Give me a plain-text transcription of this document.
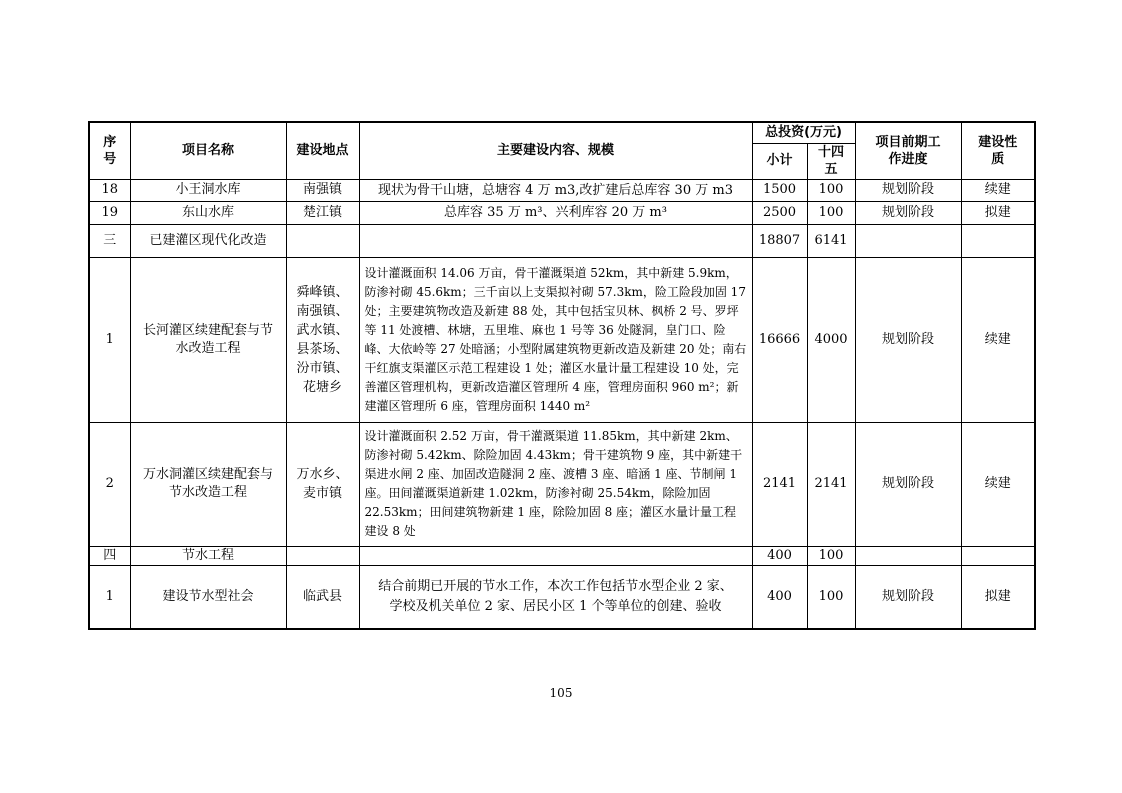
序号	项目名称	建设地点	主要建设内容、规模	总投资(万元)		项目前期工作进度	建设性质
				小计	十四五		
18	小王洞水库	南强镇	现状为骨干山塘，总塘容 4 万 m3,改扩建后总库容 30 万 m3	1500	100	规划阶段	续建
19	东山水库	楚江镇	总库容 35 万 m³、兴利库容 20 万 m³	2500	100	规划阶段	拟建
三	已建灌区现代化改造			18807	6141		
1	长河灌区续建配套与节水改造工程	舜峰镇、南强镇、武水镇、县茶场、汾市镇、花塘乡	设计灌溉面积 14.06 万亩，骨干灌溉渠道 52km，其中新建 5.9km，防渗衬砌 45.6km；三千亩以上支渠拟衬砌 57.3km，险工险段加固 17 处；主要建筑物改造及新建 88 处，其中包括宝贝林、枫桥 2 号、罗坪等 11 处渡槽、林塘，五里堆、麻也 1 号等 36 处隧洞，皇门口、险峰、大依岭等 27 处暗涵；小型附属建筑物更新改造及新建 20 处；南右干红旗支渠灌区示范工程建设 1 处；灌区水量计量工程建设 10 处，完善灌区管理机构，更新改造灌区管理所 4 座，管理房面积 960 m²；新建灌区管理所 6 座，管理房面积 1440 m²	16666	4000	规划阶段	续建
2	万水洞灌区续建配套与节水改造工程	万水乡、麦市镇	设计灌溉面积 2.52 万亩，骨干灌溉渠道 11.85km，其中新建 2km、防渗衬砌 5.42km、除险加固 4.43km；骨干建筑物 9 座，其中新建干渠进水闸 2 座、加固改造隧洞 2 座、渡槽 3 座、暗涵 1 座、节制闸 1 座。田间灌溉渠道新建 1.02km，防渗衬砌 25.54km，除险加固 22.53km；田间建筑物新建 1 座，除险加固 8 座；灌区水量计量工程建设 8 处	2141	2141	规划阶段	续建
四	节水工程			400	100		
1	建设节水型社会	临武县	结合前期已开展的节水工作，本次工作包括节水型企业 2 家、学校及机关单位 2 家、居民小区 1 个等单位的创建、验收	400	100	规划阶段	拟建
105
